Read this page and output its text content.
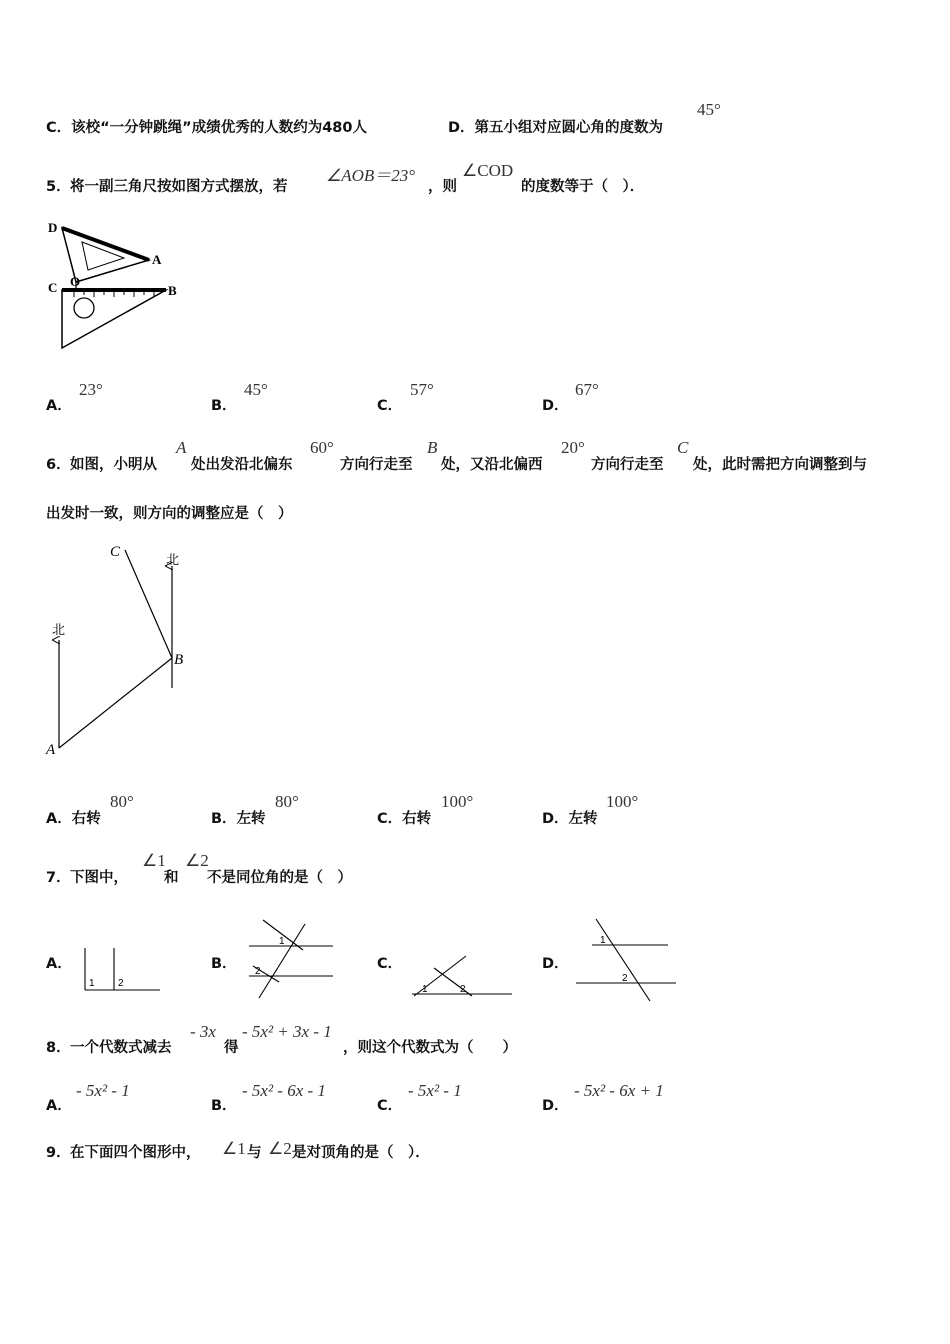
C．该校“一分钟跳绳”成绩优秀的人数约为480人	D．第五小组对应圆心角的度数为
45°
5． 将一副三角尺按如图方式摆放，若
∠AOB＝23°
，则
∠COD
的度数等于（　）．
D
A
C O
B
A．
23°
B．
45°
C．
57°
D．
67°
6． 如图，小明从
A
处出发沿北偏东
60°
方向行走至
B
处，又沿北偏西
20°
方向行走至
C
处，此时需把方向调整到与
出发时一致，则方向的调整应是（　）
北
北
A
B
C
A．右转
80°
B．左转
80°
C．右转
100°
D．左转
100°
7． 下图中，
∠1
和
∠2
不是同位角的是（　）
A．
1 2
B．
1
2	C．
1	2
D．
1
2
8． 一个代数式减去
- 3x
得
- 5x² + 3x - 1
，则这个代数式为（　　）
A．
- 5x² - 1
B．
- 5x² - 6x - 1
C．
- 5x² - 1
D．
- 5x² - 6x + 1
9． 在下面四个图形中， ∠1 与 ∠2 是对顶角的是（　）．
